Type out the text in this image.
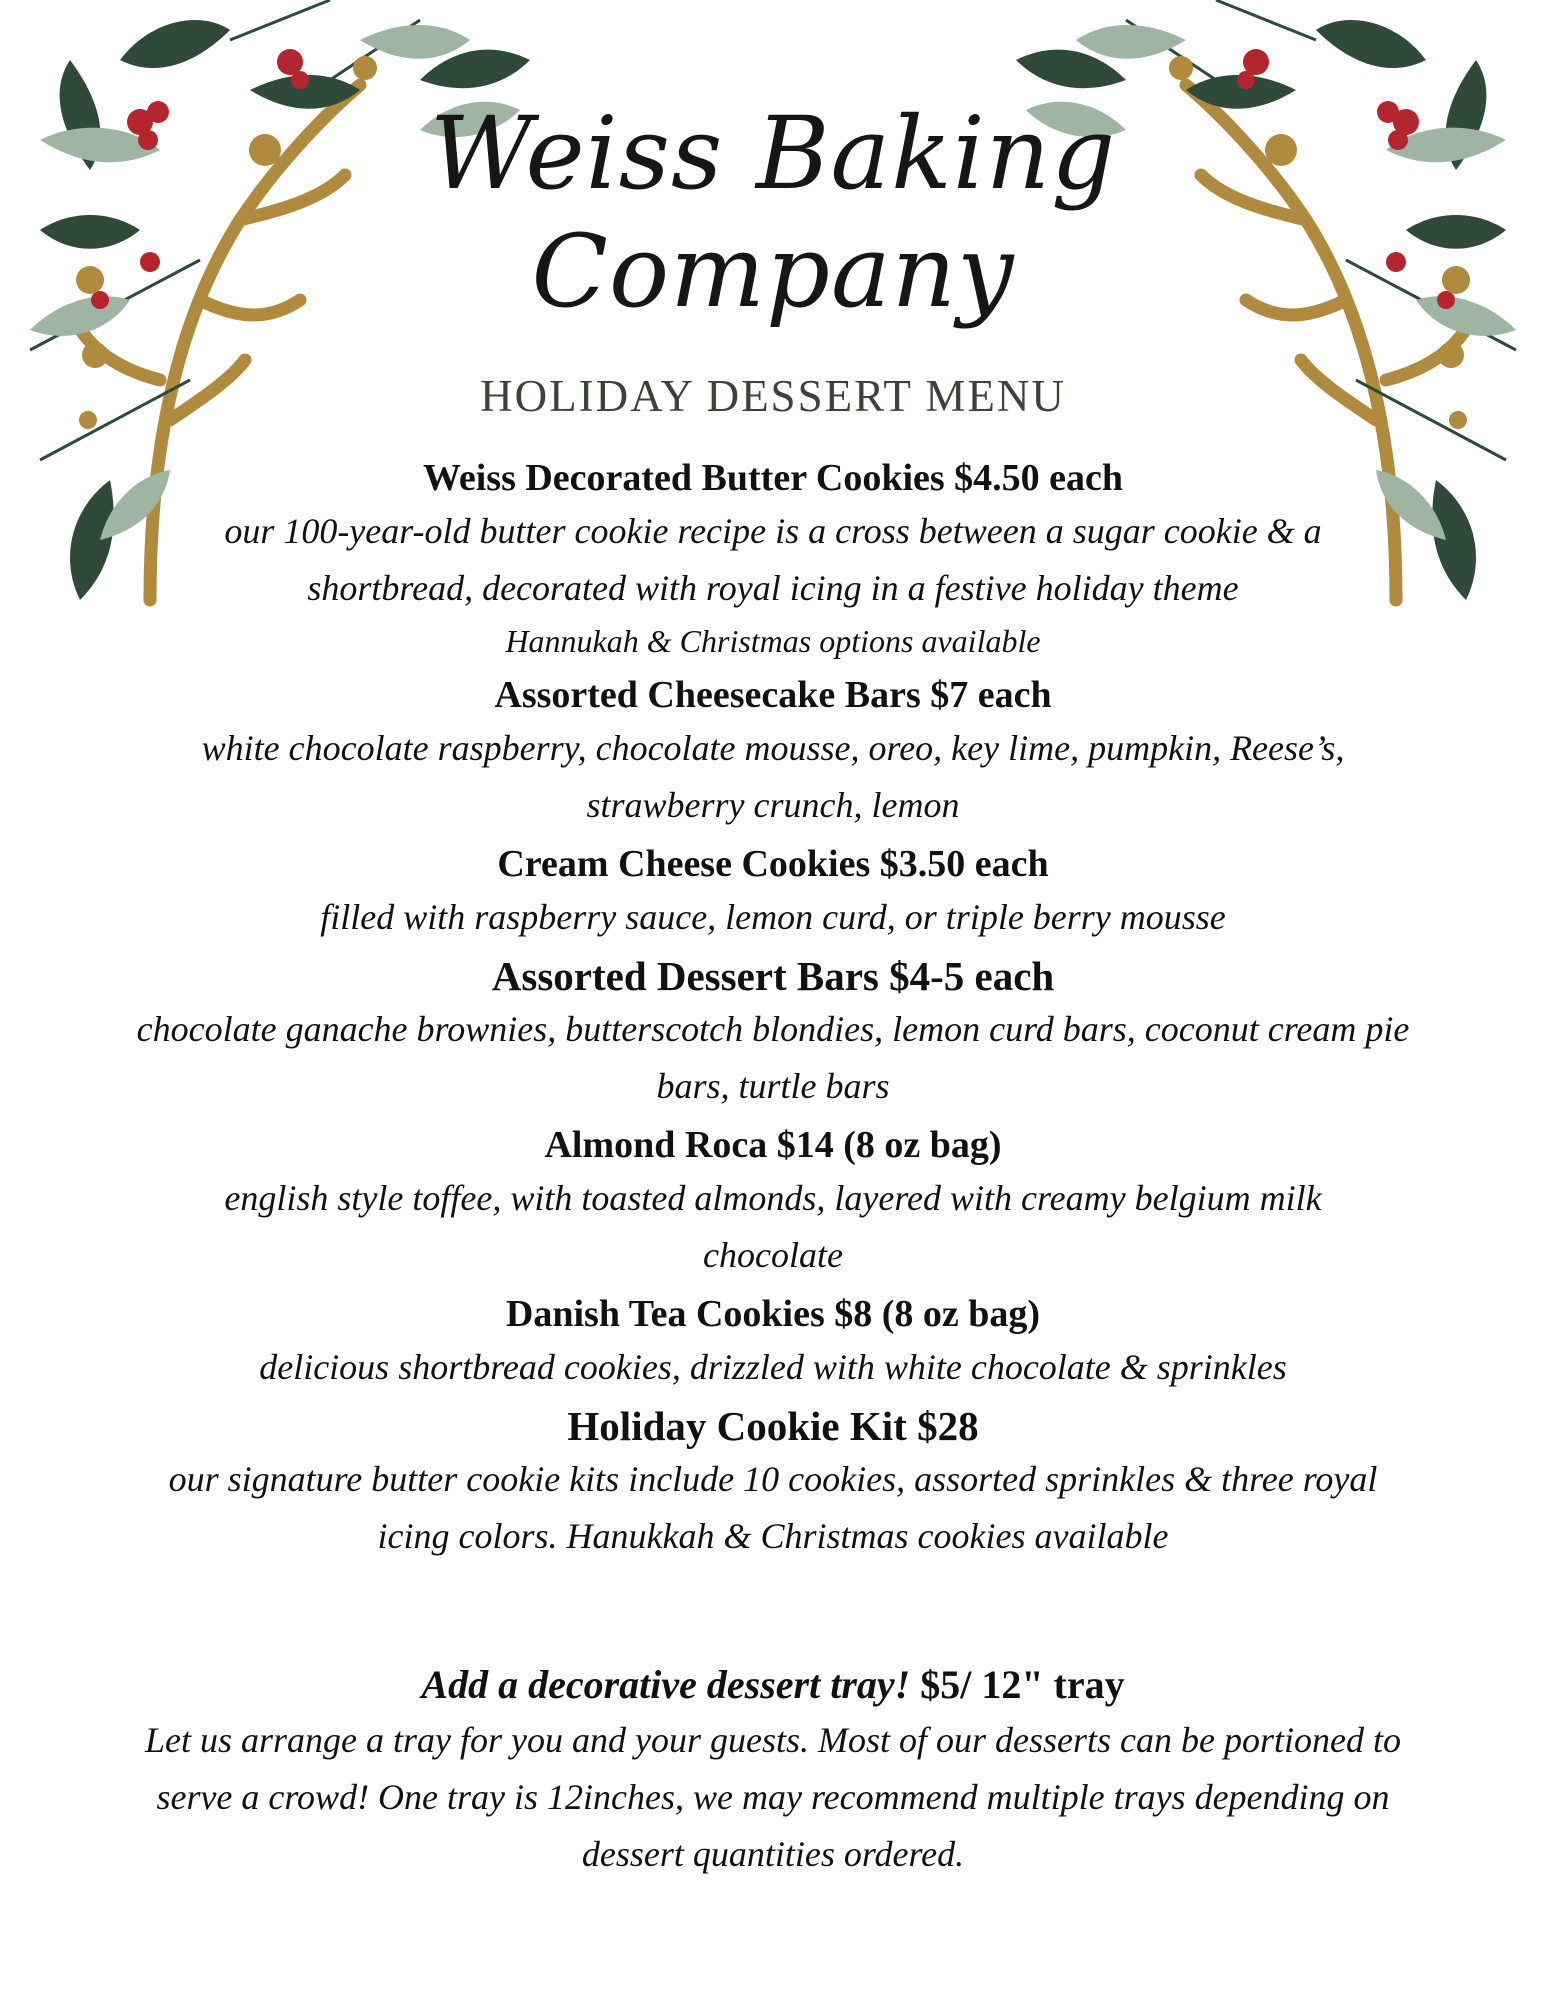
Weiss Baking
Company
HOLIDAY DESSERT MENU
Weiss Decorated Butter Cookies $4.50 each
our 100-year-old butter cookie recipe is a cross between a sugar cookie & a shortbread, decorated with royal icing in a festive holiday theme
Hannukah & Christmas options available
Assorted Cheesecake Bars $7 each
white chocolate raspberry, chocolate mousse, oreo, key lime, pumpkin, Reese’s, strawberry crunch, lemon
Cream Cheese Cookies $3.50 each
filled with raspberry sauce, lemon curd, or triple berry mousse
Assorted Dessert Bars $4-5 each
chocolate ganache brownies, butterscotch blondies, lemon curd bars, coconut cream pie bars, turtle bars
Almond Roca $14 (8 oz bag)
english style toffee, with toasted almonds, layered with creamy belgium milk chocolate
Danish Tea Cookies $8 (8 oz bag)
delicious shortbread cookies, drizzled with white chocolate & sprinkles
Holiday Cookie Kit $28
our signature butter cookie kits include 10 cookies, assorted sprinkles & three royal icing colors. Hanukkah & Christmas cookies available
Add a decorative dessert tray! $5/ 12" tray
Let us arrange a tray for you and your guests. Most of our desserts can be portioned to serve a crowd! One tray is 12inches, we may recommend multiple trays depending on dessert quantities ordered.
